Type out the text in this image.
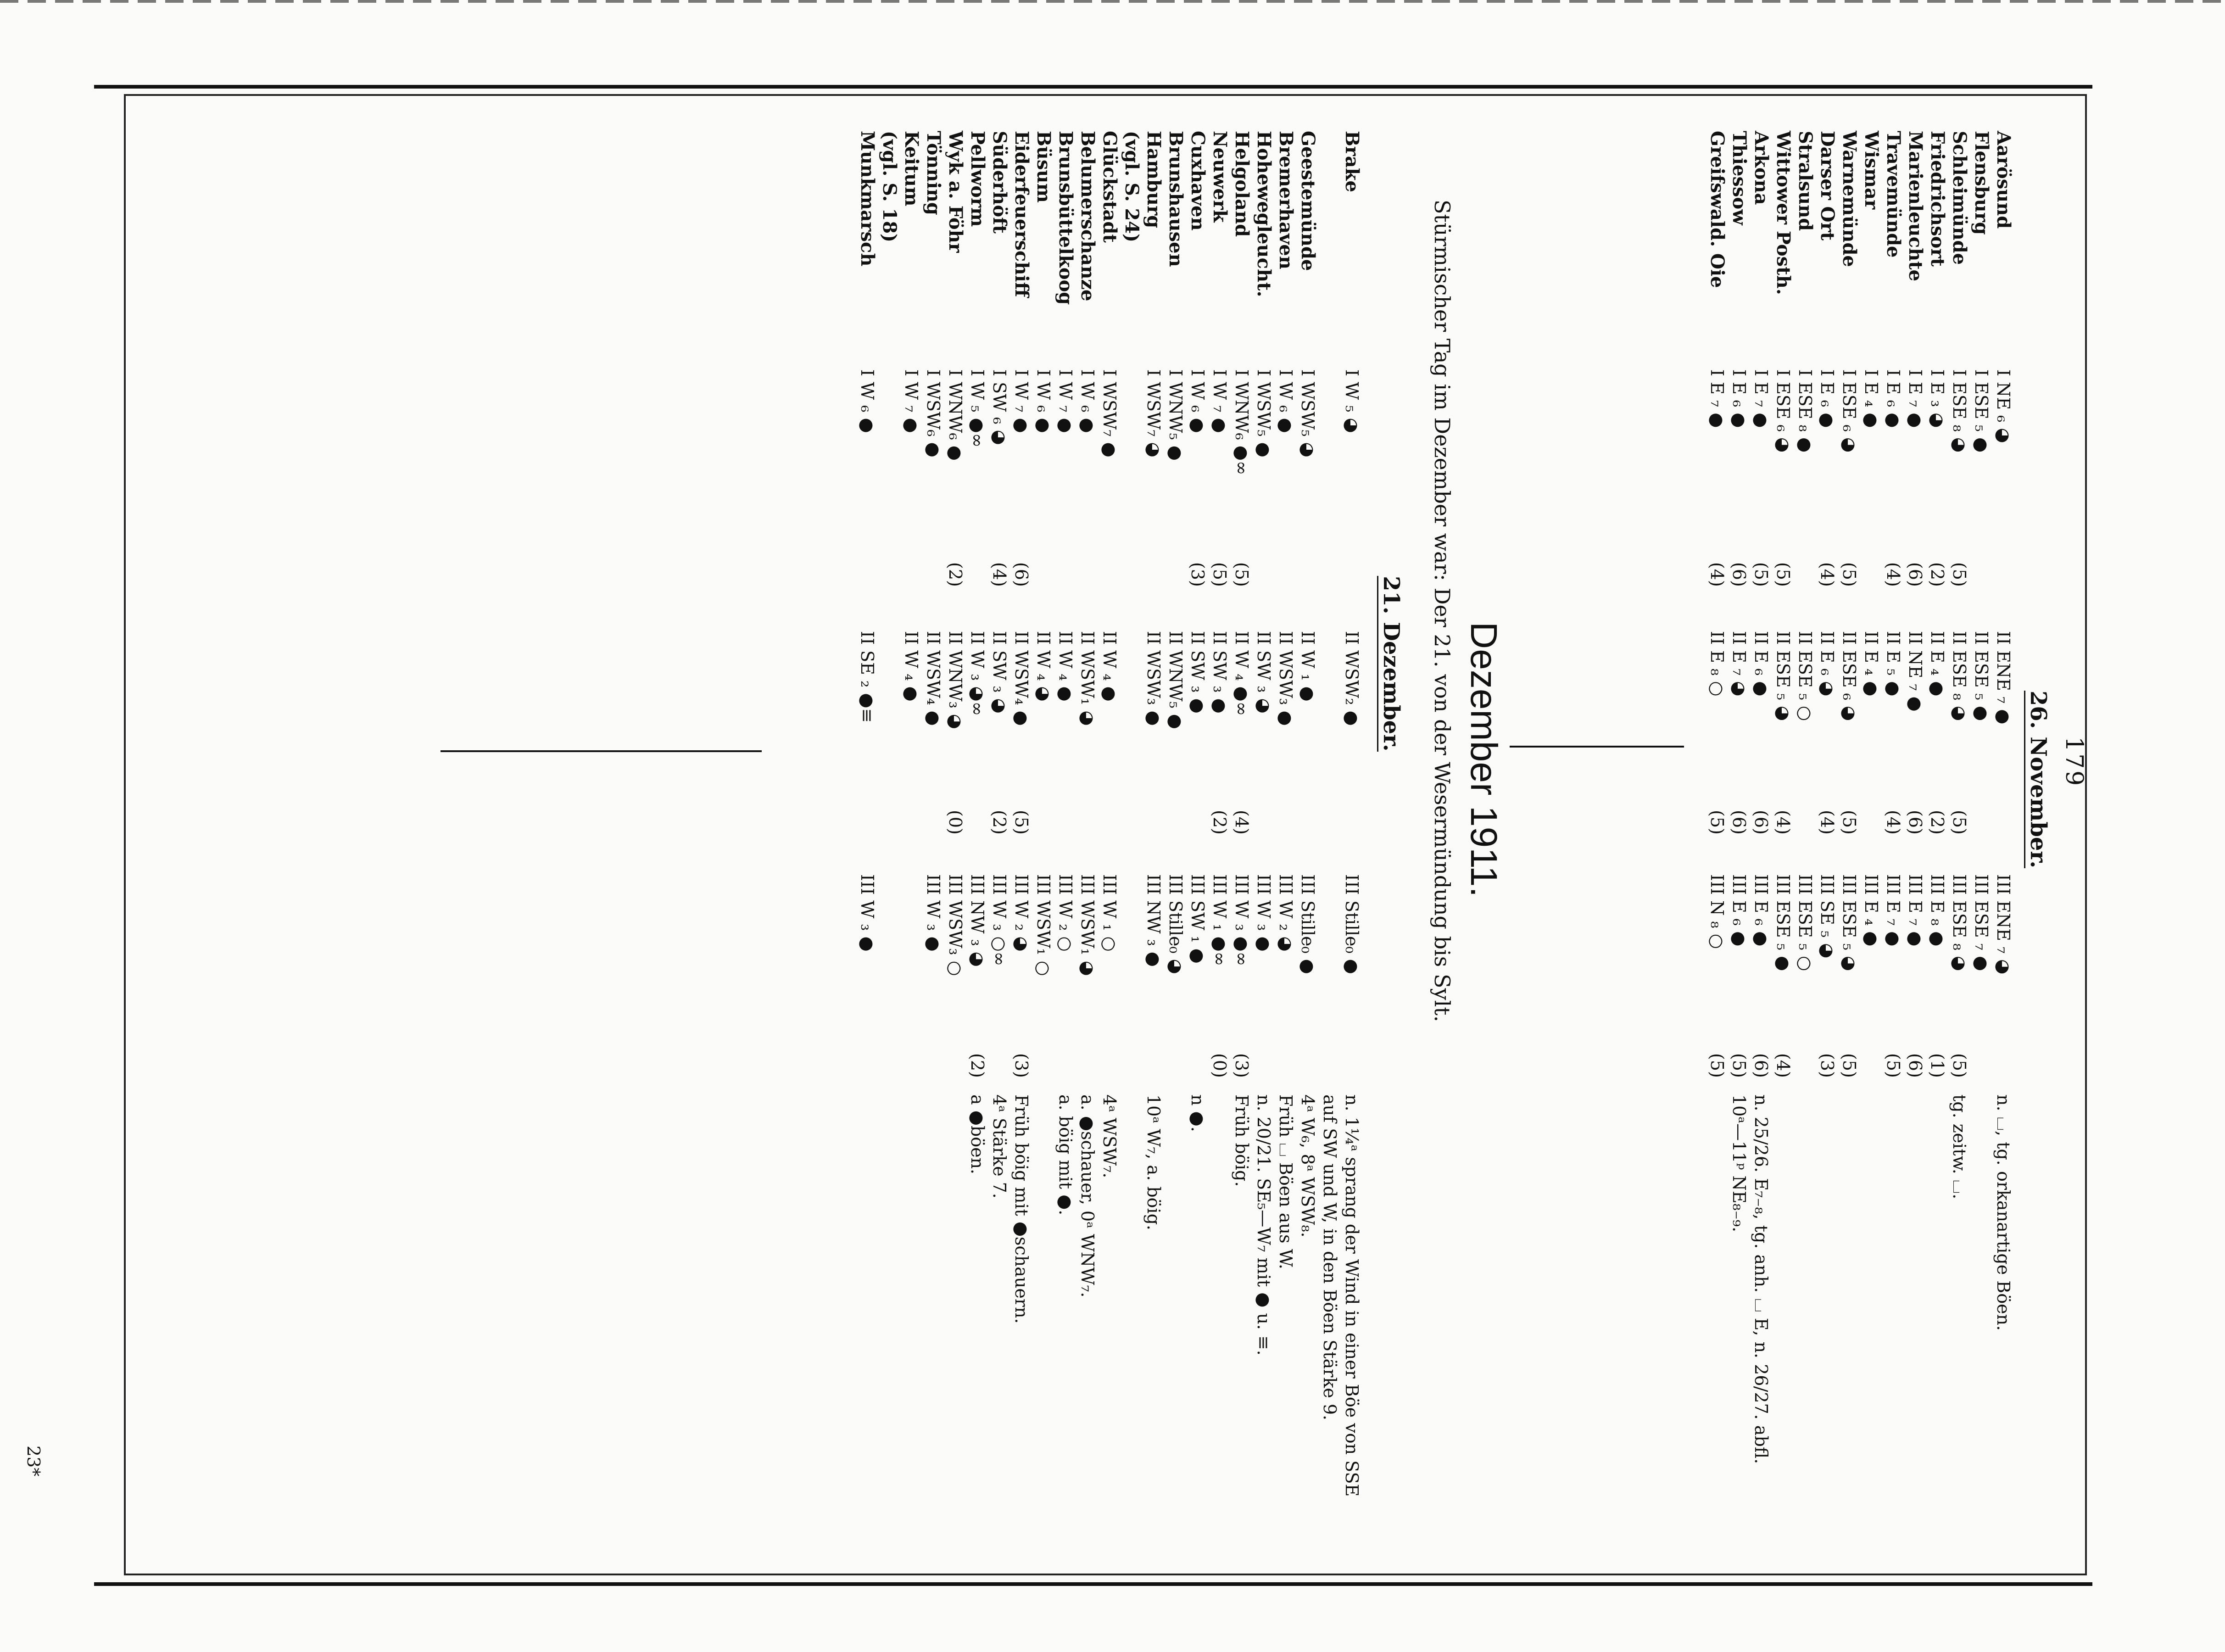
179
26. November.
Aarösund
Flensburg
Schleimünde
Friedrichsort
Marienleuchte
Travemünde
Wismar
Warnemünde
Darser Ort
Stralsund
Wittower Posth.
Arkona
Thiessow
Greifswald. Oie
I NE ₆ ◕
I ESE ₅ ●
I ESE ₈ ◕
I E ₃ ◕
I E ₇ ●
I E ₆ ●
I E ₄ ●
I ESE ₆ ◕
I E ₆ ●
I ESE ₈ ●
I ESE ₆ ◕
I E ₇ ●
I E ₆ ●
I E ₇ ●
(5)
(2)
(6)
(4)
(5)
(4)
(5)
(5)
(6)
(4)
II ENE ₇ ●
II ESE ₅ ●
II ESE ₈ ◕
II E ₄ ●
II NE ₇ ●
II E ₅ ●
II E ₄ ●
II ESE ₆ ◕
II E ₆ ◕
II ESE ₅ ○
II ESE ₅ ◕
II E ₆ ●
II E ₇ ◕
II E ₈ ○
(5)
(2)
(6)
(4)
(5)
(4)
(4)
(6)
(6)
(5)
III ENE ₇ ◕
III ESE ₇ ●
III ESE ₈ ◕
III E ₈ ●
III E ₇ ●
III E ₇ ●
III E ₄ ●
III ESE ₅ ◕
III SE ₅ ◕
III ESE ₅ ○
III ESE ₅ ●
III E ₆ ●
III E ₆ ●
III N ₈ ○
(5)
(1)
(6)
(5)
(5)
(3)
(4)
(6)
(5)
(5)
n. ⌴, tg. orkanartige Böen.
tg. zeitw. ⌴.
n. 25/26. E₇₋₈, tg. anh. ⌴ E, n. 26/27. abfl.
10ᵃ—11ᵖ NE₈₋₉.
Dezember 1911.
Stürmischer Tag im Dezember war: Der 21. von der Wesermündung bis Sylt.
21. Dezember.
Brake
Geestemünde
Bremerhaven
Hohewegleucht.
Helgoland
Neuwerk
Cuxhaven
Brunshausen
Hamburg
(vgl. S. 24)
Glückstadt
Belumerschanze
Brunsbüttelkoog
Büsum
Eiderfeuerschiff
Süderhöft
Pellworm
Wyk a. Föhr
Tönning
Keitum
(vgl. S. 18)
Munkmarsch
I W ₅ ◕
I WSW₅ ◕
I W ₆ ●
I WSW₅ ●
I WNW₆ ●∞
I W ₇ ●
I W ₆ ●
I WNW₅ ●
I WSW₇ ◕
I WSW₇ ●
I W ₆ ●
I W ₇ ●
I W ₆ ●
I W ₇ ●
I SW ₆ ◕
I W ₅ ●∞
I WNW₆ ●
I WSW₆ ●
I W ₇ ●
I W ₆ ●
(5)
(5)
(3)
(6)
(4)
(2)
II WSW₂ ●
II W ₁ ●
II WSW₃ ●
II SW ₃ ◕
II W ₄ ●∞
II SW ₃ ●
II SW ₃ ●
II WNW₅ ●
II WSW₃ ●
II W ₄ ●
II WSW₁ ◕
II W ₄ ●
II W ₄ ◕
II WSW₄ ●
II SW ₃ ◕
II W ₃ ◕∞
II WNW₃ ◕
II WSW₄ ●
II W ₄ ●
II SE ₂ ●≡
(4)
(2)
(5)
(2)
(0)
III Stille₀ ●
III Stille₀ ●
III W ₂ ◕
III W ₃ ●
III W ₃ ●∞
III W ₁ ●∞
III SW ₁ ●
III Stille₀ ◕
III NW ₃ ●
III W ₁ ○
III WSW₁ ◕
III W ₂ ○
III WSW₁ ○
III W ₂ ◕
III W ₃ ○∞
III NW ₃ ◕
III WSW₃ ○
III W ₃ ●
III W ₃ ●
(3)
(0)
(3)
(2)
n. 1¼ᵃ sprang der Wind in einer Böe von SSE
auf SW und W, in den Böen Stärke 9.
4ᵃ W₆, 8ᵃ WSW₈.
Früh ⌴ Böen aus W.
n. 20/21. SE₅—W₇ mit ● u. ≡.
Früh böig.
n ●.
10ᵃ W₇, a. böig.
4ᵃ WSW₇.
a. ●schauer, 0ᵃ WNW₇.
a. böig mit ●.
Früh böig mit ●schauern.
4ᵃ Stärke 7.
a ●böen.
23*
